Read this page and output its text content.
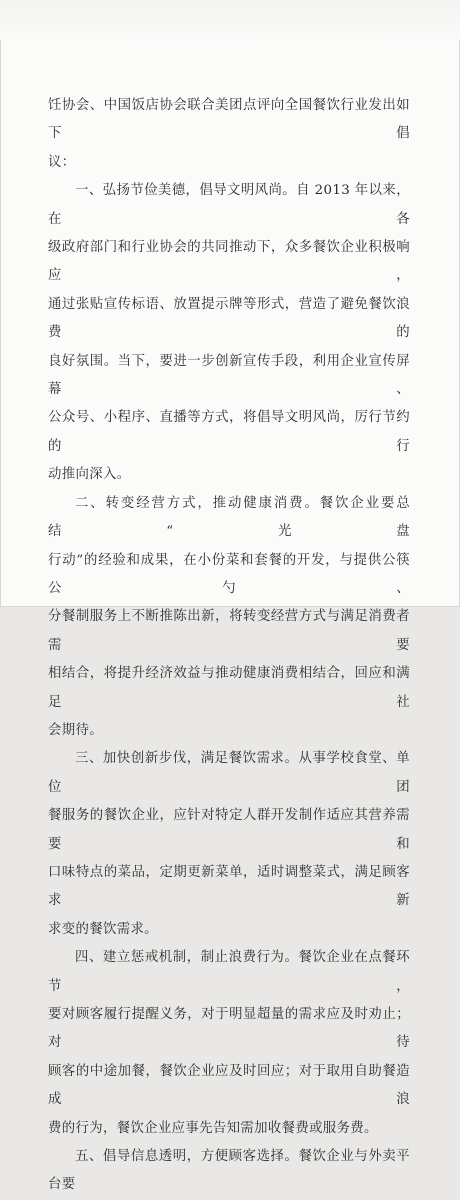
饪协会、中国饭店协会联合美团点评向全国餐饮行业发出如下倡

议：

一、弘扬节俭美德，倡导文明风尚。自 2013 年以来，在各

级政府部门和行业协会的共同推动下，众多餐饮企业积极响应，

通过张贴宣传标语、放置提示牌等形式，营造了避免餐饮浪费的

良好氛围。当下，要进一步创新宣传手段，利用企业宣传屏幕、

公众号、小程序、直播等方式，将倡导文明风尚，厉行节约的行

动推向深入。

二、转变经营方式，推动健康消费。餐饮企业要总结“光盘

行动”的经验和成果，在小份菜和套餐的开发，与提供公筷公勺、

分餐制服务上不断推陈出新，将转变经营方式与满足消费者需要

相结合，将提升经济效益与推动健康消费相结合，回应和满足社

会期待。

三、加快创新步伐，满足餐饮需求。从事学校食堂、单位团

餐服务的餐饮企业，应针对特定人群开发制作适应其营养需要和

口味特点的菜品，定期更新菜单，适时调整菜式，满足顾客求新

求变的餐饮需求。

四、建立惩戒机制，制止浪费行为。餐饮企业在点餐环节，

要对顾客履行提醒义务，对于明显超量的需求应及时劝止；对待

顾客的中途加餐，餐饮企业应及时回应；对于取用自助餐造成浪

费的行为，餐饮企业应事先告知需加收餐费或服务费。

五、倡导信息透明，方便顾客选择。餐饮企业与外卖平台要
